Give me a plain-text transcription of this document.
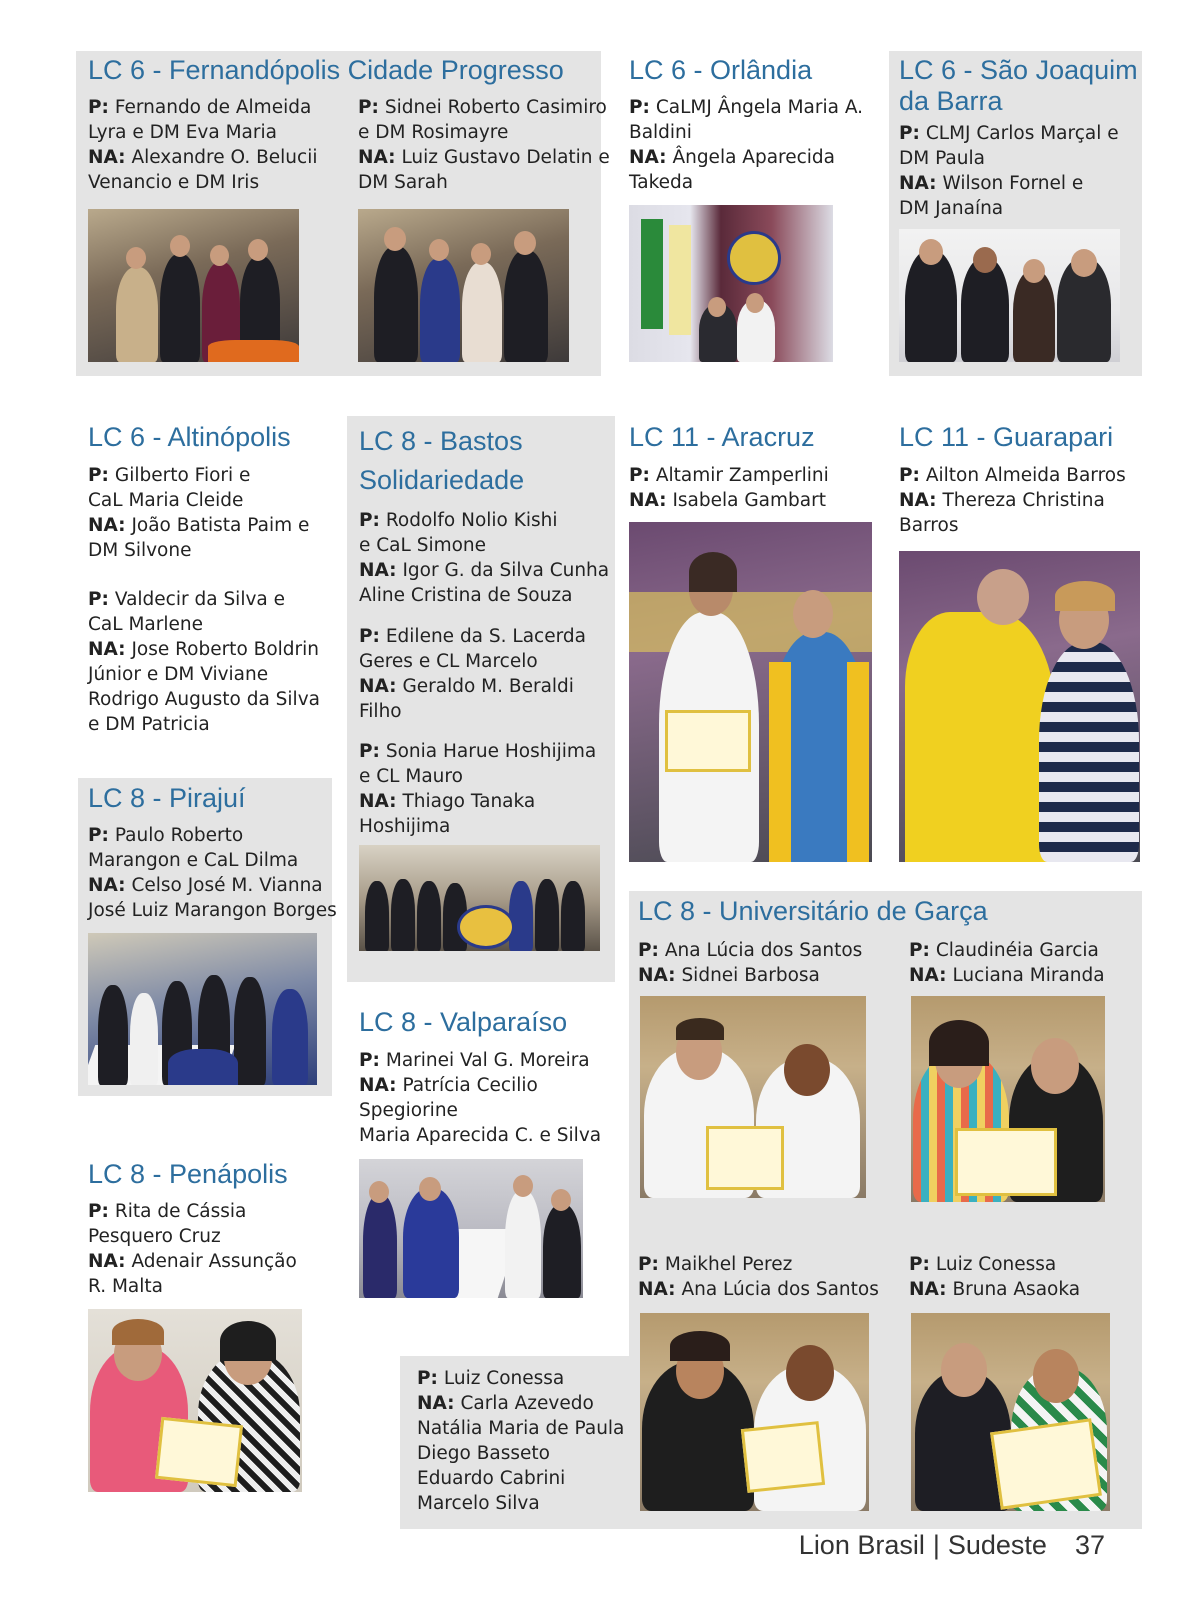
LC 6 - Fernandópolis Cidade Progresso
P: Fernando de Almeida
Lyra e DM Eva Maria
NA: Alexandre O. Belucii
Venancio e DM Iris
P: Sidnei Roberto Casimiro
e DM Rosimayre
NA: Luiz Gustavo Delatin e
DM Sarah
LC 6 - Orlândia
P: CaLMJ Ângela Maria A.
Baldini
NA: Ângela Aparecida
Takeda
LC 6 - São Joaquim
da Barra
P: CLMJ Carlos Marçal e
DM Paula
NA: Wilson Fornel e
DM Janaína
LC 6 - Altinópolis
P: Gilberto Fiori e
CaL Maria Cleide
NA: João Batista Paim e
DM Silvone
P: Valdecir da Silva e
CaL Marlene
NA: Jose Roberto Boldrin
Júnior e DM Viviane
Rodrigo Augusto da Silva
e DM Patricia
LC 8 - Bastos
Solidariedade
P: Rodolfo Nolio Kishi
e CaL Simone
NA: Igor G. da Silva Cunha
Aline Cristina de Souza
P: Edilene da S. Lacerda
Geres e CL Marcelo
NA: Geraldo M. Beraldi
Filho
P: Sonia Harue Hoshijima
e CL Mauro
NA: Thiago Tanaka
Hoshijima
LC 11 - Aracruz
P: Altamir Zamperlini
NA: Isabela Gambart
LC 11 - Guarapari
P: Ailton Almeida Barros
NA: Thereza Christina
Barros
LC 8 - Pirajuí
P: Paulo Roberto
Marangon e CaL Dilma
NA: Celso José M. Vianna
José Luiz Marangon Borges
LC 8 - Valparaíso
P: Marinei Val G. Moreira
NA: Patrícia Cecilio
Spegiorine
Maria Aparecida C. e Silva
LC 8 - Penápolis
P: Rita de Cássia
Pesquero Cruz
NA: Adenair Assunção
R. Malta
LC 8 - Universitário de Garça
P: Ana Lúcia dos Santos
NA: Sidnei Barbosa
P: Claudinéia Garcia
NA: Luciana Miranda
P: Maikhel Perez
NA: Ana Lúcia dos Santos
P: Luiz Conessa
NA: Bruna Asaoka
P: Luiz Conessa
NA: Carla Azevedo
Natália Maria de Paula
Diego Basseto
Eduardo Cabrini
Marcelo Silva
Lion Brasil | Sudeste 37
